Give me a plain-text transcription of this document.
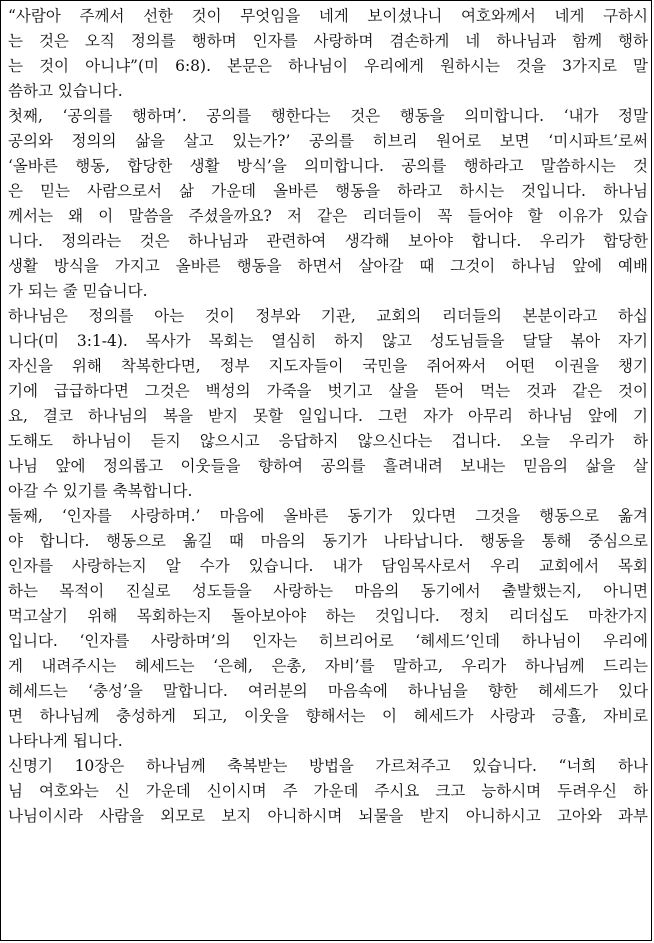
“사람아 주께서 선한 것이 무엇임을 네게 보이셨나니 여호와께서 네게 구하시
는 것은 오직 정의를 행하며 인자를 사랑하며 겸손하게 네 하나님과 함께 행하
는 것이 아니냐”(미 6:8). 본문은 하나님이 우리에게 원하시는 것을 3가지로 말
씀하고 있습니다.
첫째, ‘공의를 행하며’. 공의를 행한다는 것은 행동을 의미합니다. ‘내가 정말
공의와 정의의 삶을 살고 있는가?’ 공의를 히브리 원어로 보면 ‘미시파트’로써
‘올바른 행동, 합당한 생활 방식’을 의미합니다. 공의를 행하라고 말씀하시는 것
은 믿는 사람으로서 삶 가운데 올바른 행동을 하라고 하시는 것입니다. 하나님
께서는 왜 이 말씀을 주셨을까요? 저 같은 리더들이 꼭 들어야 할 이유가 있습
니다. 정의라는 것은 하나님과 관련하여 생각해 보아야 합니다. 우리가 합당한
생활 방식을 가지고 올바른 행동을 하면서 살아갈 때 그것이 하나님 앞에 예배
가 되는 줄 믿습니다.
하나님은 정의를 아는 것이 정부와 기관, 교회의 리더들의 본분이라고 하십
니다(미 3:1-4). 목사가 목회는 열심히 하지 않고 성도님들을 달달 볶아 자기
자신을 위해 착복한다면, 정부 지도자들이 국민을 쥐어짜서 어떤 이권을 챙기
기에 급급하다면 그것은 백성의 가죽을 벗기고 살을 뜯어 먹는 것과 같은 것이
요, 결코 하나님의 복을 받지 못할 일입니다. 그런 자가 아무리 하나님 앞에 기
도해도 하나님이 듣지 않으시고 응답하지 않으신다는 겁니다. 오늘 우리가 하
나님 앞에 정의롭고 이웃들을 향하여 공의를 흘려내려 보내는 믿음의 삶을 살
아갈 수 있기를 축복합니다.
둘째, ‘인자를 사랑하며.’ 마음에 올바른 동기가 있다면 그것을 행동으로 옮겨
야 합니다. 행동으로 옮길 때 마음의 동기가 나타납니다. 행동을 통해 중심으로
인자를 사랑하는지 알 수가 있습니다. 내가 담임목사로서 우리 교회에서 목회
하는 목적이 진실로 성도들을 사랑하는 마음의 동기에서 출발했는지, 아니면
먹고살기 위해 목회하는지 돌아보아야 하는 것입니다. 정치 리더십도 마찬가지
입니다. ‘인자를 사랑하며’의 인자는 히브리어로 ‘헤세드’인데 하나님이 우리에
게 내려주시는 헤세드는 ‘은혜, 은총, 자비’를 말하고, 우리가 하나님께 드리는
헤세드는 ‘충성’을 말합니다. 여러분의 마음속에 하나님을 향한 헤세드가 있다
면 하나님께 충성하게 되고, 이웃을 향해서는 이 헤세드가 사랑과 긍휼, 자비로
나타나게 됩니다.
신명기 10장은 하나님께 축복받는 방법을 가르쳐주고 있습니다. “너희 하나
님 여호와는 신 가운데 신이시며 주 가운데 주시요 크고 능하시며 두려우신 하
나님이시라 사람을 외모로 보지 아니하시며 뇌물을 받지 아니하시고 고아와 과부
